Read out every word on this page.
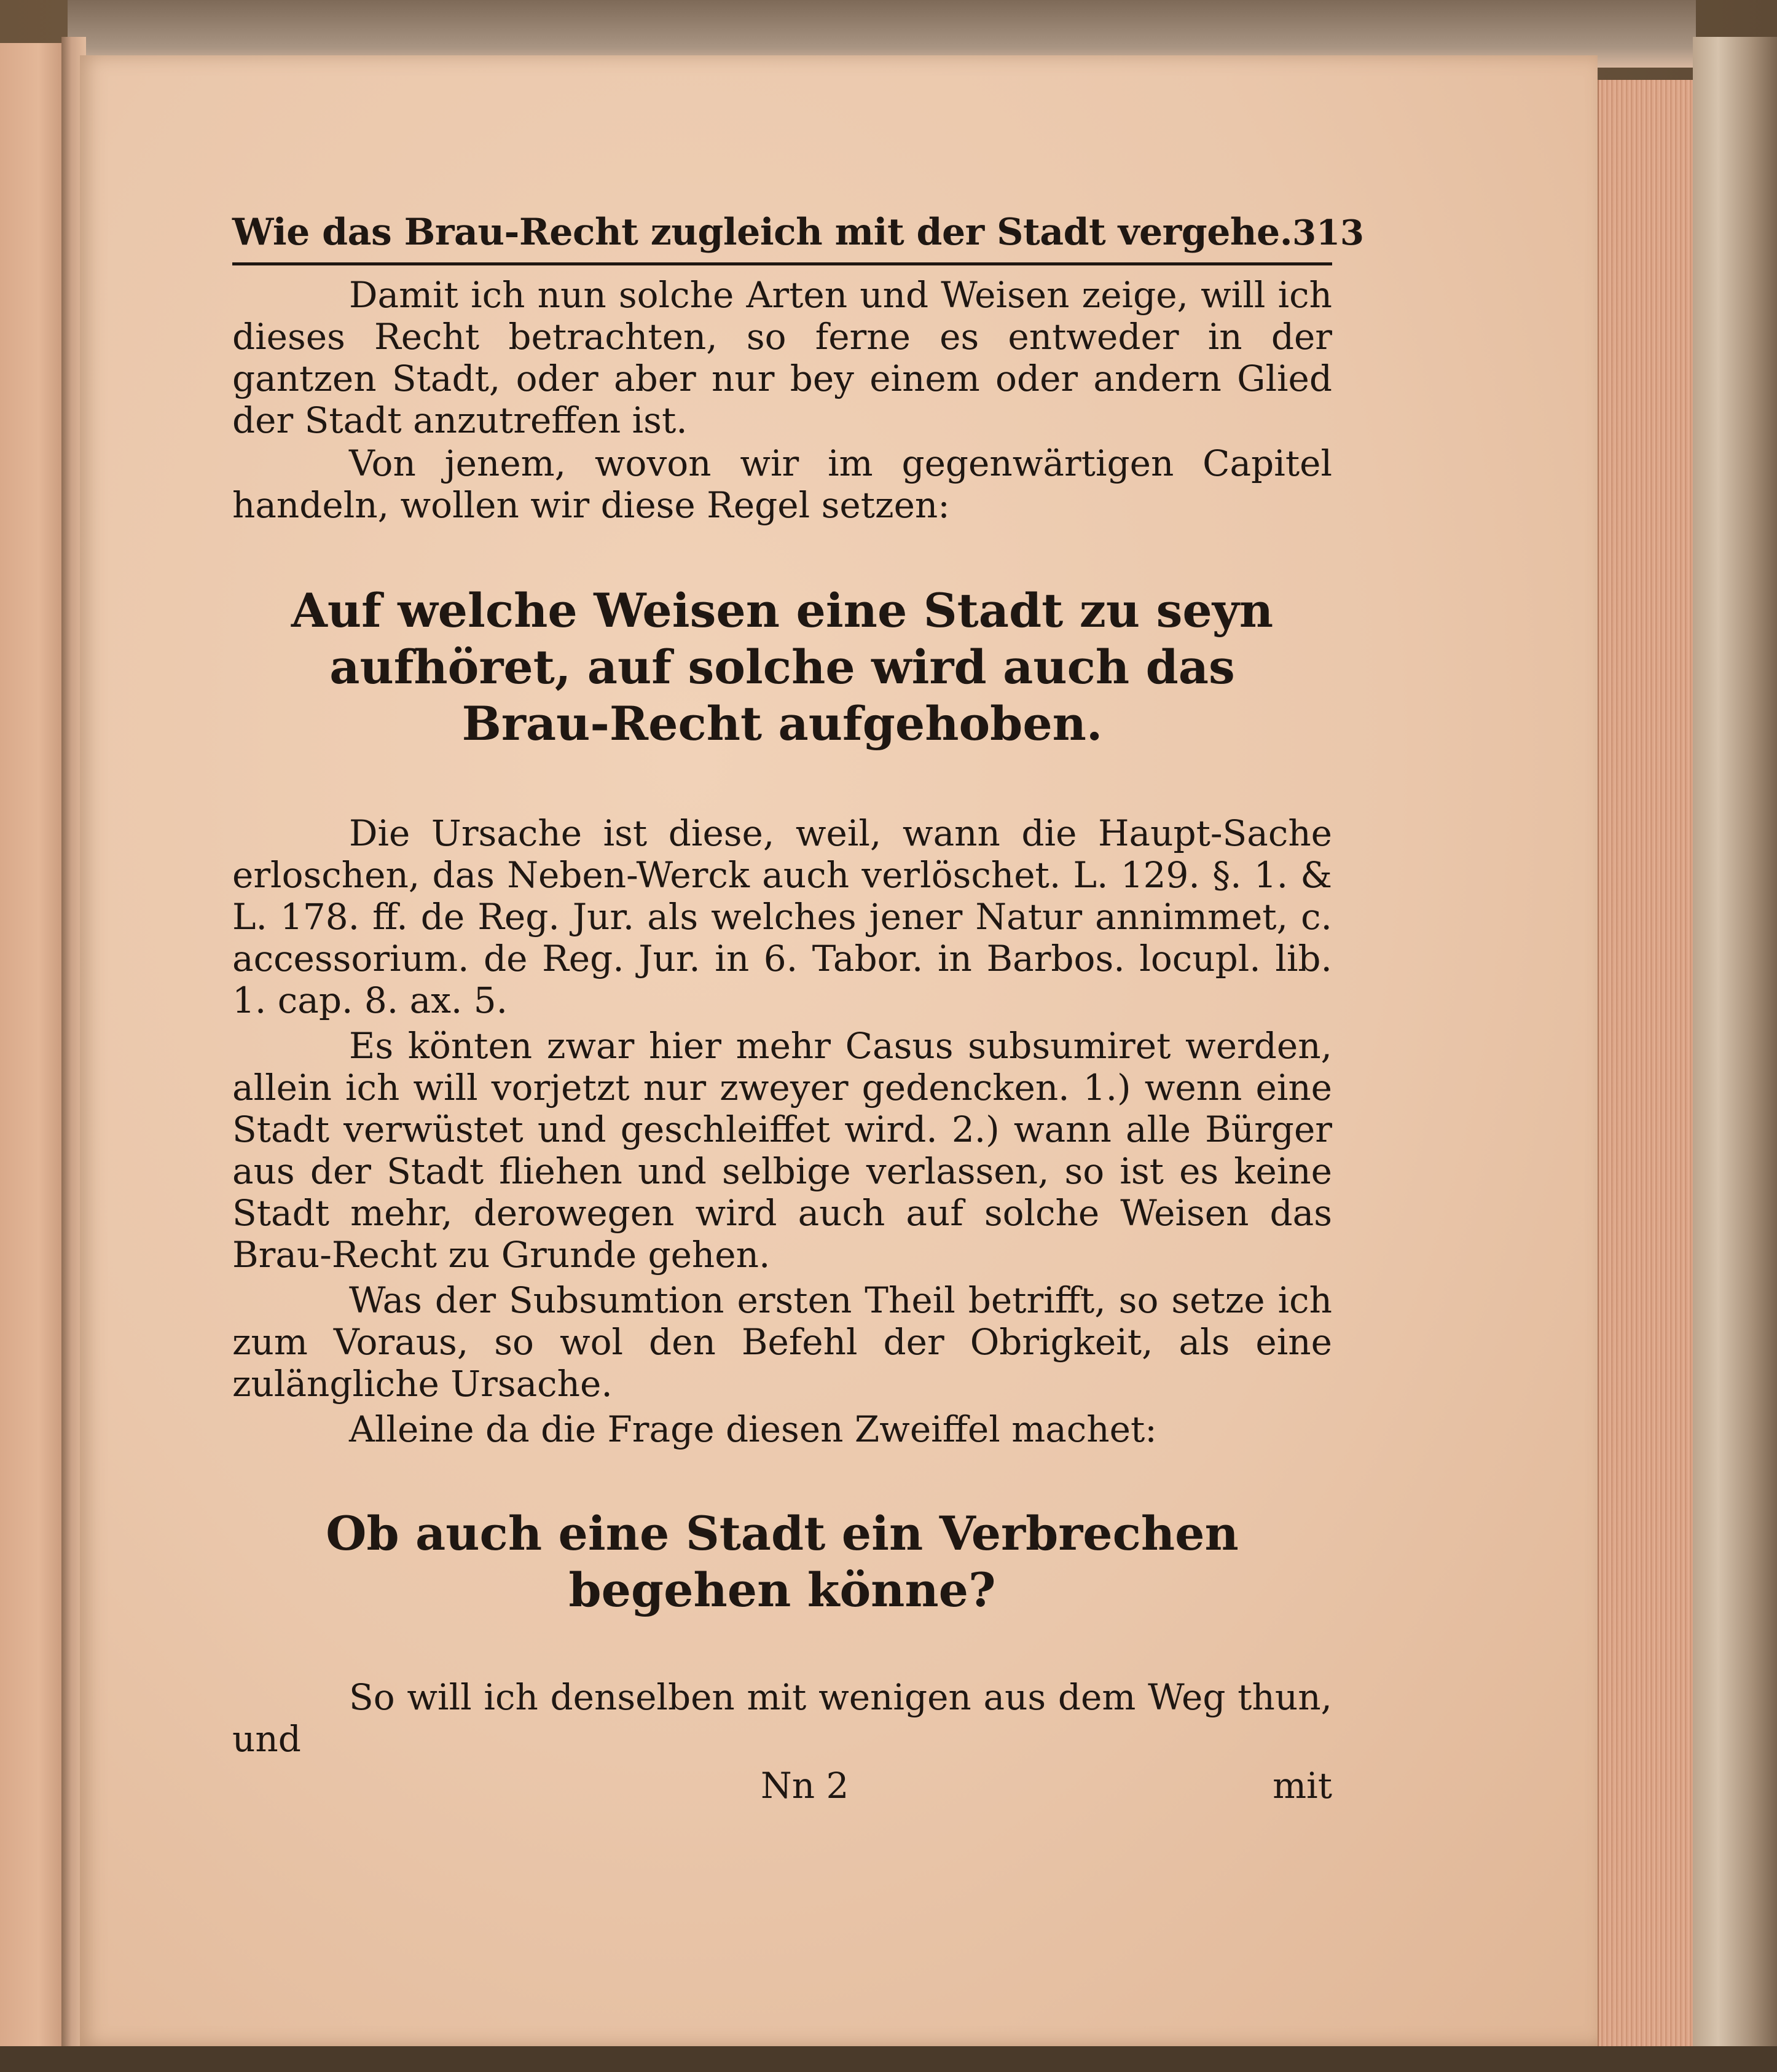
Wie das Brau-Recht zugleich mit der Stadt vergehe. 313

Damit ich nun solche Arten und Weisen zeige, will ich dieses Recht betrachten, so ferne es entweder in der gantzen Stadt, oder aber nur bey einem oder andern Glied der Stadt anzutreffen ist.

Von jenem, wovon wir im gegenwärtigen Capitel handeln, wollen wir diese Regel setzen:

Auf welche Weisen eine Stadt zu seyn aufhöret, auf solche wird auch das Brau-Recht aufgehoben.

Die Ursache ist diese, weil, wann die Haupt-Sache erloschen, das Neben-Werck auch verlöschet. L. 129. §. 1. & L. 178. ff. de Reg. Jur. als welches jener Natur annimmet, c. accessorium. de Reg. Jur. in 6. Tabor. in Barbos. locupl. lib. 1. cap. 8. ax. 5.

Es könten zwar hier mehr Casus subsumiret werden, allein ich will vorjetzt nur zweyer gedencken. 1.) wenn eine Stadt verwüstet und geschleiffet wird. 2.) wann alle Bürger aus der Stadt fliehen und selbige verlassen, so ist es keine Stadt mehr, derowegen wird auch auf solche Weisen das Brau-Recht zu Grunde gehen.

Was der Subsumtion ersten Theil betrifft, so setze ich zum Voraus, so wol den Befehl der Obrigkeit, als eine zulängliche Ursache.

Alleine da die Frage diesen Zweiffel machet:

Ob auch eine Stadt ein Verbrechen begehen könne?

So will ich denselben mit wenigen aus dem Weg thun, und

Nn 2	mit
